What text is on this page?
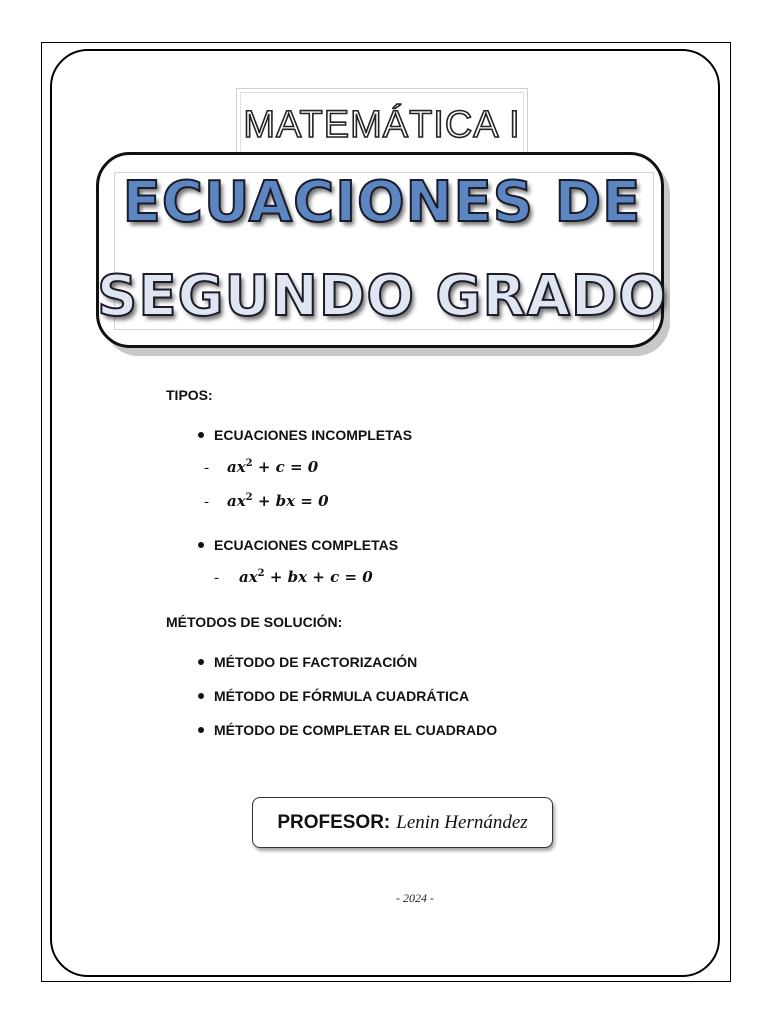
MATEMÁTICA I
ECUACIONES DE
SEGUNDO GRADO
TIPOS:
ECUACIONES INCOMPLETAS
- $ax^2 + c = 0$
- $ax^2$ + bx = 0
ECUACIONES COMPLETAS
- $ax^2$ + bx + c = 0
MÉTODOS DE SOLUCIÓN:
MÉTODO DE FACTORIZACIÓN
MÉTODO DE FÓRMULA CUADRÁTICA
MÉTODO DE COMPLETAR EL CUADRADO
PROFESOR: Lenin Hernández
- 2024 -
